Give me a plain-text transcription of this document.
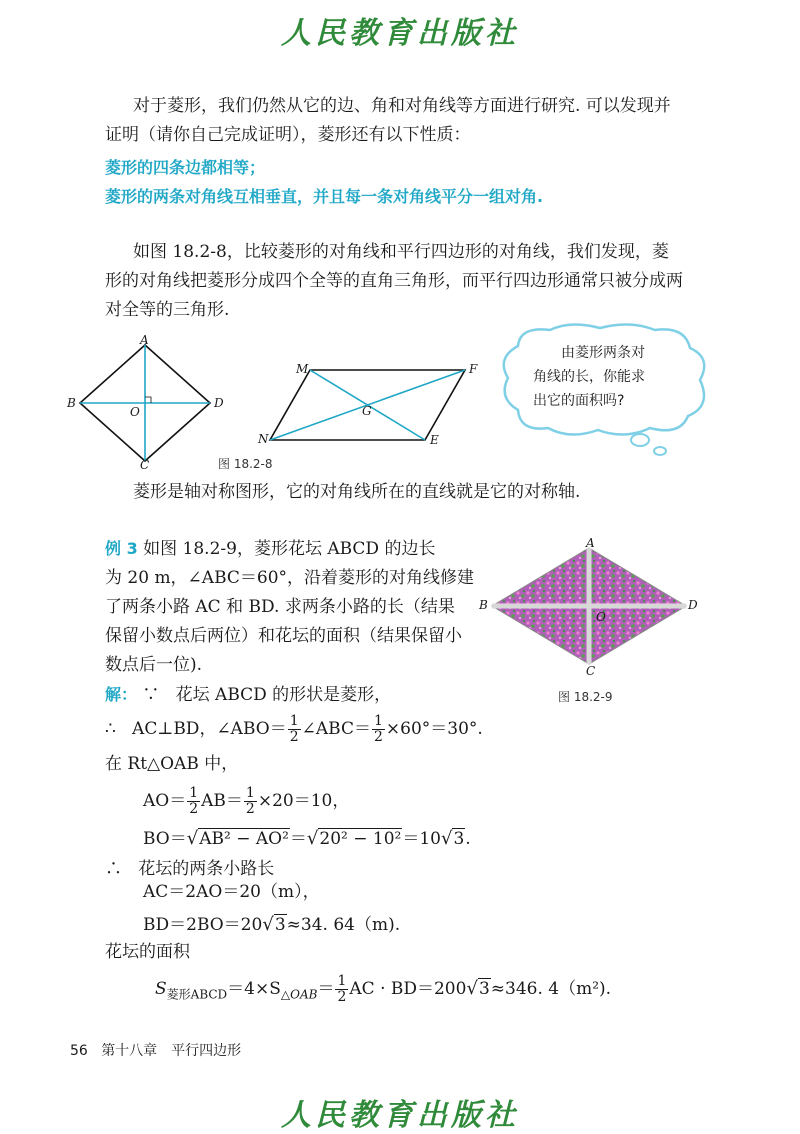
人民教育出版社
对于菱形，我们仍然从它的边、角和对角线等方面进行研究. 可以发现并
证明（请你自己完成证明），菱形还有以下性质：
菱形的四条边都相等；
菱形的两条对角线互相垂直，并且每一条对角线平分一组对角.
如图 18.2-8，比较菱形的对角线和平行四边形的对角线，我们发现，菱
形的对角线把菱形分成四个全等的直角三角形，而平行四边形通常只被分成两
对全等的三角形.
A
B
C
D
O
M	F
N	E
G
图 18.2-8
由菱形两条对
角线的长，你能求
出它的面积吗?
菱形是轴对称图形，它的对角线所在的直线就是它的对称轴.
例 3 如图 18.2-9，菱形花坛 ABCD 的边长
为 20 m，∠ABC＝60°，沿着菱形的对角线修建
了两条小路 AC 和 BD. 求两条小路的长（结果
保留小数点后两位）和花坛的面积（结果保留小
数点后一位).
A
B
C
D
O
图 18.2-9
解： ∵ 花坛 ABCD 的形状是菱形，
∴ AC⊥BD，∠ABO＝ $\frac{1}{2}$ ∠ABC＝ $\frac{1}{2} \times 60^\circ=30^\circ$.
在 Rt△OAB 中，
$AO= \frac{1}{2} AB= \frac{1}{2} \times 20=10$，
BO＝√AB² − AO²＝√20² − 10²＝10√3.
∴ 花坛的两条小路长
AC＝2AO＝20（m），
BD＝2BO＝20√3≈34. 64（m).
花坛的面积
$S_{菱形ABCD}=4\times S_{\triangle OAB}= \frac{1}{2}$ AC · BD＝200√3≈346. 4（m²).
56 第十八章　平行四边形
人民教育出版社
